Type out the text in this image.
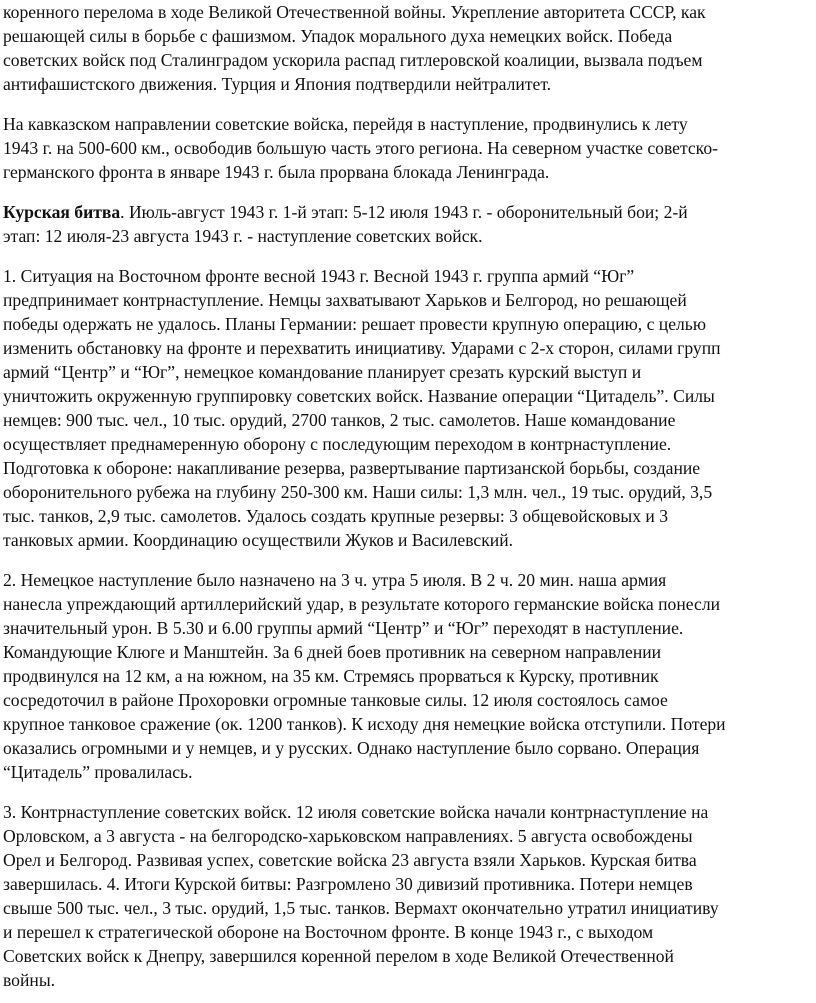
коренного перелома в ходе Великой Отечественной войны. Укрепление авторитета СССР, как
решающей силы в борьбе с фашизмом. Упадок морального духа немецких войск. Победа
советских войск под Сталинградом ускорила распад гитлеровской коалиции, вызвала подъем
антифашистского движения. Турция и Япония подтвердили нейтралитет.
На кавказском направлении советские войска, перейдя в наступление, продвинулись к лету
1943 г. на 500-600 км., освободив большую часть этого региона. На северном участке советско-
германского фронта в январе 1943 г. была прорвана блокада Ленинграда.
Курская битва. Июль-август 1943 г. 1-й этап: 5-12 июля 1943 г. - оборонительный бои; 2-й
этап: 12 июля-23 августа 1943 г. - наступление советских войск.
1. Ситуация на Восточном фронте весной 1943 г. Весной 1943 г. группа армий “Юг”
предпринимает контрнаступление. Немцы захватывают Харьков и Белгород, но решающей
победы одержать не удалось. Планы Германии: решает провести крупную операцию, с целью
изменить обстановку на фронте и перехватить инициативу. Ударами с 2-х сторон, силами групп
армий “Центр” и “Юг”, немецкое командование планирует срезать курский выступ и
уничтожить окруженную группировку советских войск. Название операции “Цитадель”. Силы
немцев: 900 тыс. чел., 10 тыс. орудий, 2700 танков, 2 тыс. самолетов. Наше командование
осуществляет преднамеренную оборону с последующим переходом в контрнаступление.
Подготовка к обороне: накапливание резерва, развертывание партизанской борьбы, создание
оборонительного рубежа на глубину 250-300 км. Наши силы: 1,3 млн. чел., 19 тыс. орудий, 3,5
тыс. танков, 2,9 тыс. самолетов. Удалось создать крупные резервы: 3 общевойсковых и 3
танковых армии. Координацию осуществили Жуков и Василевский.
2. Немецкое наступление было назначено на 3 ч. утра 5 июля. В 2 ч. 20 мин. наша армия
нанесла упреждающий артиллерийский удар, в результате которого германские войска понесли
значительный урон. В 5.30 и 6.00 группы армий “Центр” и “Юг” переходят в наступление.
Командующие Клюге и Манштейн. За 6 дней боев противник на северном направлении
продвинулся на 12 км, а на южном, на 35 км. Стремясь прорваться к Курску, противник
сосредоточил в районе Прохоровки огромные танковые силы. 12 июля состоялось самое
крупное танковое сражение (ок. 1200 танков). К исходу дня немецкие войска отступили. Потери
оказались огромными и у немцев, и у русских. Однако наступление было сорвано. Операция
“Цитадель” провалилась.
3. Контрнаступление советских войск. 12 июля советские войска начали контрнаступление на
Орловском, а 3 августа - на белгородско-харьковском направлениях. 5 августа освобождены
Орел и Белгород. Развивая успех, советские войска 23 августа взяли Харьков. Курская битва
завершилась. 4. Итоги Курской битвы: Разгромлено 30 дивизий противника. Потери немцев
свыше 500 тыс. чел., 3 тыс. орудий, 1,5 тыс. танков. Вермахт окончательно утратил инициативу
и перешел к стратегической обороне на Восточном фронте. В конце 1943 г., с выходом
Советских войск к Днепру, завершился коренной перелом в ходе Великой Отечественной
войны.
